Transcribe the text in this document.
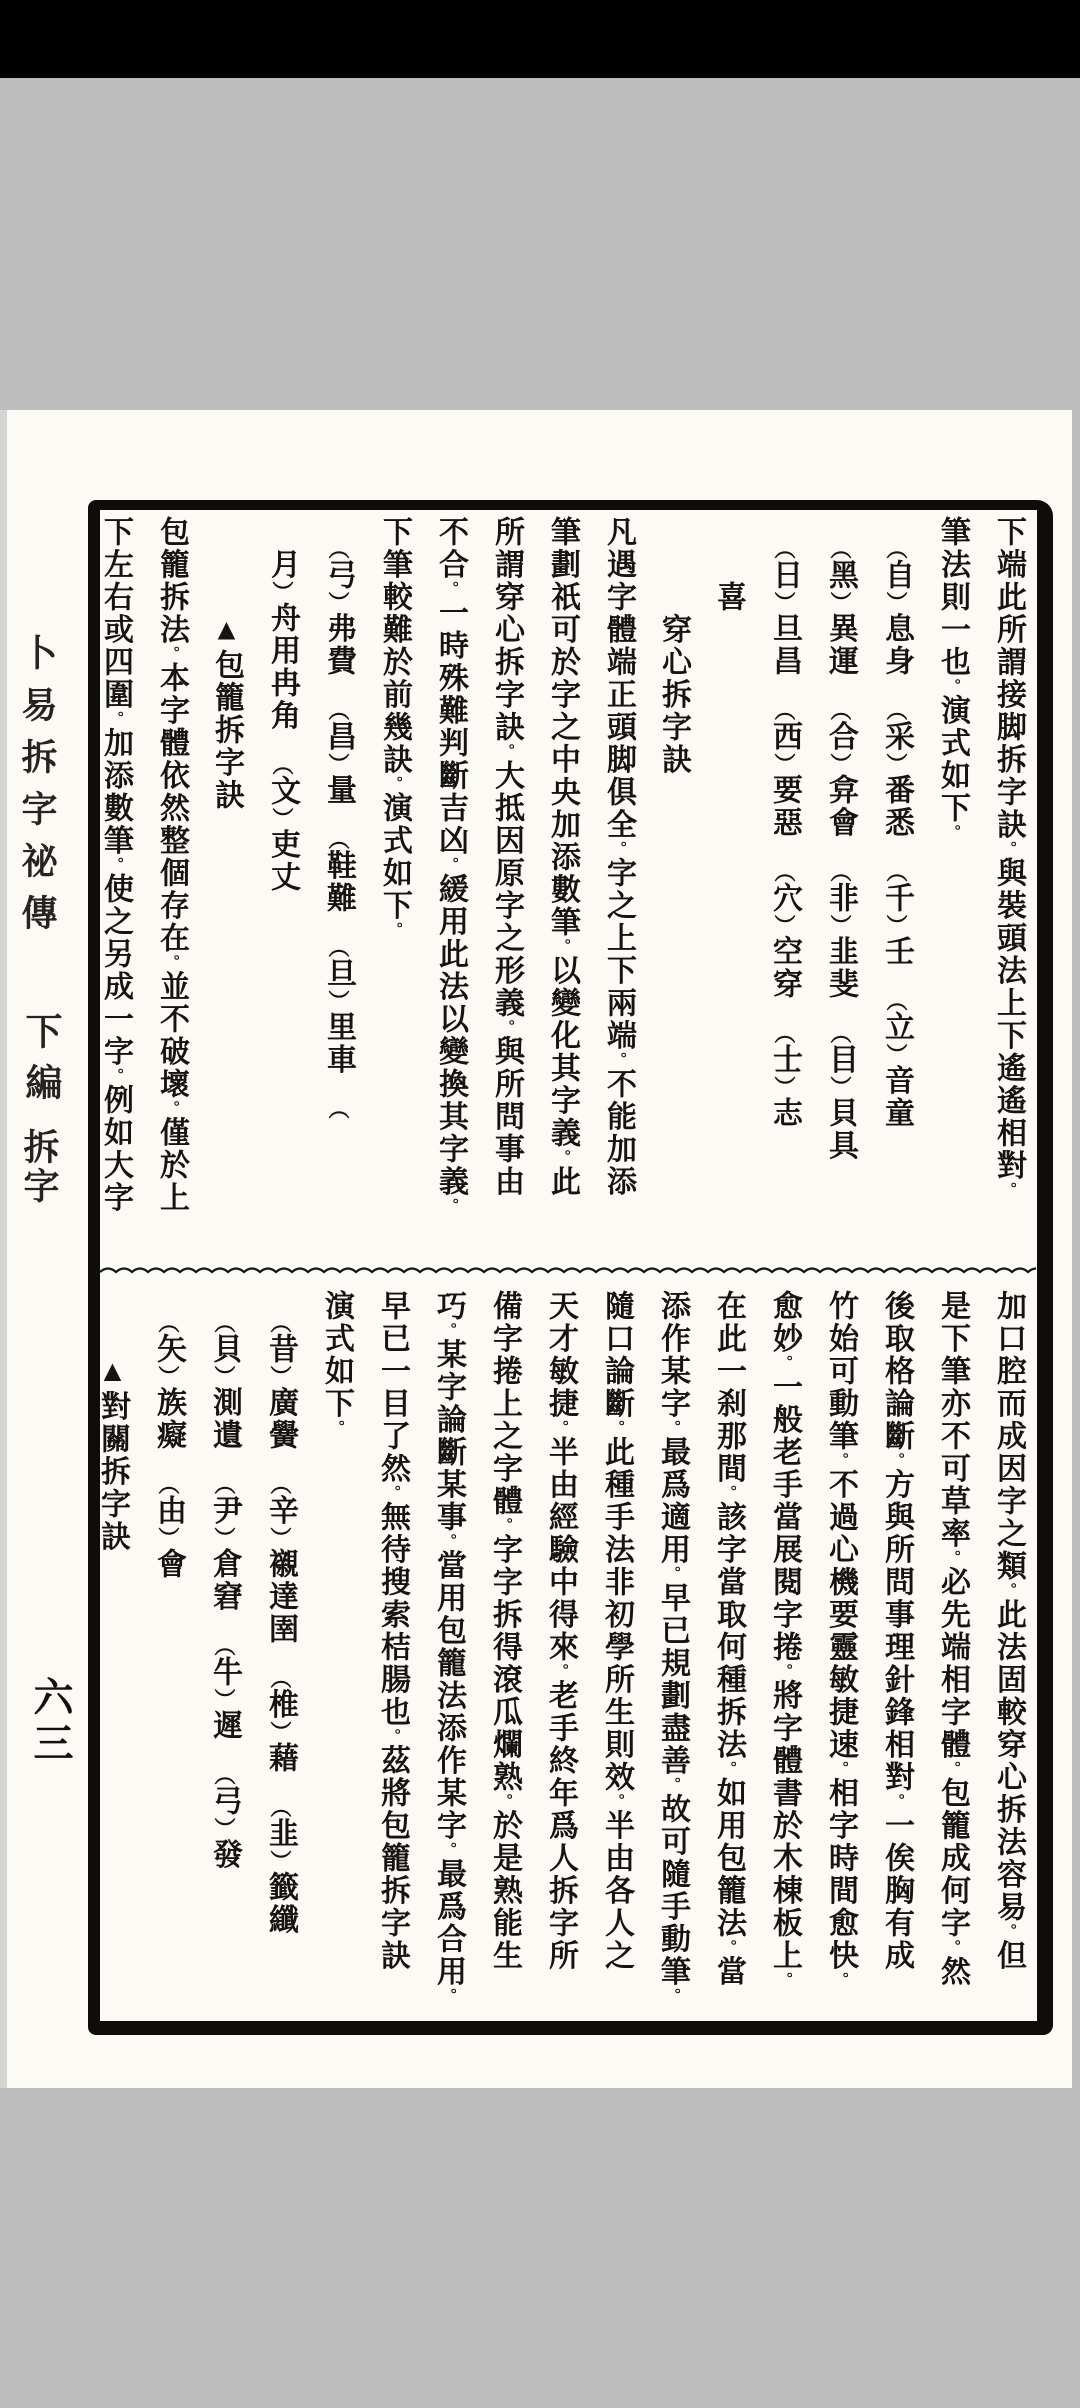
下端此所謂接脚拆字訣。與裝頭法上下遙遙相對。
筆法則一也。演式如下。
　（自）息身　（采）番悉　（千）壬　（立）音童
　（黑）異運　（合）弇會　（非）韭斐　（目）貝具
　（日）旦昌　（西）要惡　（穴）空穿　（士）志
　　喜
　　　穿心拆字訣
凡遇字體端正頭脚俱全。字之上下兩端。不能加添
筆劃祇可於字之中央加添數筆。以變化其字義。此
所謂穿心拆字訣。大抵因原字之形義。與所問事由
不合。一時殊難判斷吉凶。緩用此法以變換其字義。
下筆較難於前幾訣。演式如下。
　（弓）弗費　（昌）量　（鞋難　（旦）里車　（
　月）舟用冉角　（文）吏丈
　　　▲包籠拆字訣
包籠拆法。本字體依然整個存在。並不破壞。僅於上
下左右或四圍。加添數筆。使之另成一字。例如大字
加口腔而成因字之類。此法固較穿心拆法容易。但
是下筆亦不可草率。必先端相字體。包籠成何字。然
後取格論斷。方與所問事理針鋒相對。一俟胸有成
竹始可動筆。不過心機要靈敏捷速。相字時間愈快。
愈妙。一般老手當展閱字捲。將字體書於木棟板上。
在此一刹那間。該字當取何種拆法。如用包籠法。當
添作某字。最爲適用。早已規劃盡善。故可隨手動筆。
隨口論斷。此種手法非初學所生則效。半由各人之
天才敏捷。半由經驗中得來。老手終年爲人拆字所
備字捲上之字體。字字拆得滾瓜爛熟。於是熟能生
巧。某字論斷某事。當用包籠法添作某字。最爲合用。
早已一目了然。無待搜索桔腸也。茲將包籠拆字訣
演式如下。
　（昔）廣黌　（辛）襯達圉　（椎）藉　（韭）籤纖
　（貝）測遺　（尹）倉窘　（牛）遲　（弓）發
　（矢）族癡　（由）會
　　▲對關拆字訣
卜易拆字祕傳
下編
拆字
六三
